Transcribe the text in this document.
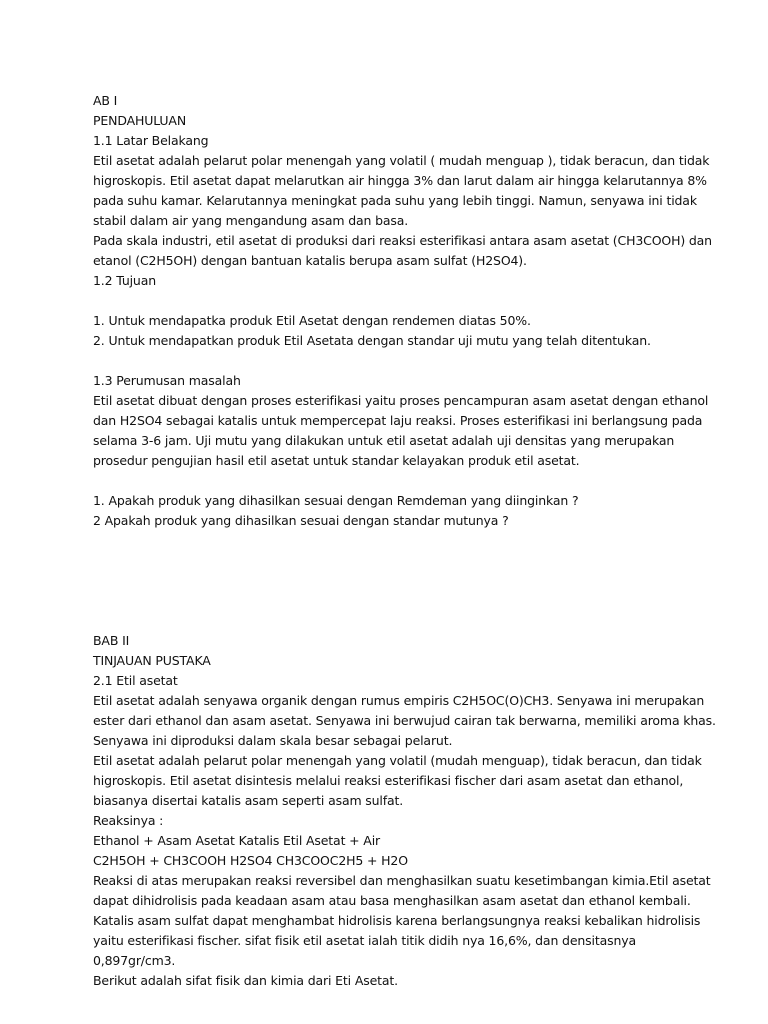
AB I
PENDAHULUAN
1.1 Latar Belakang
Etil asetat adalah pelarut polar menengah yang volatil ( mudah menguap ), tidak beracun, dan tidak
higroskopis. Etil asetat dapat melarutkan air hingga 3% dan larut dalam air hingga kelarutannya 8%
pada suhu kamar. Kelarutannya meningkat pada suhu yang lebih tinggi. Namun, senyawa ini tidak
stabil dalam air yang mengandung asam dan basa.
Pada skala industri, etil asetat di produksi dari reaksi esterifikasi antara asam asetat (CH3COOH) dan
etanol (C2H5OH) dengan bantuan katalis berupa asam sulfat (H2SO4).
1.2 Tujuan
1. Untuk mendapatka produk Etil Asetat dengan rendemen diatas 50%.
2. Untuk mendapatkan produk Etil Asetata dengan standar uji mutu yang telah ditentukan.
1.3 Perumusan masalah
Etil asetat dibuat dengan proses esterifikasi yaitu proses pencampuran asam asetat dengan ethanol
dan H2SO4 sebagai katalis untuk mempercepat laju reaksi. Proses esterifikasi ini berlangsung pada
selama 3-6 jam. Uji mutu yang dilakukan untuk etil asetat adalah uji densitas yang merupakan
prosedur pengujian hasil etil asetat untuk standar kelayakan produk etil asetat.
1. Apakah produk yang dihasilkan sesuai dengan Remdeman yang diinginkan ?
2 Apakah produk yang dihasilkan sesuai dengan standar mutunya ?
BAB II
TINJAUAN PUSTAKA
2.1 Etil asetat
Etil asetat adalah senyawa organik dengan rumus empiris C2H5OC(O)CH3. Senyawa ini merupakan
ester dari ethanol dan asam asetat. Senyawa ini berwujud cairan tak berwarna, memiliki aroma khas.
Senyawa ini diproduksi dalam skala besar sebagai pelarut.
Etil asetat adalah pelarut polar menengah yang volatil (mudah menguap), tidak beracun, dan tidak
higroskopis. Etil asetat disintesis melalui reaksi esterifikasi fischer dari asam asetat dan ethanol,
biasanya disertai katalis asam seperti asam sulfat.
Reaksinya :
Ethanol + Asam Asetat Katalis Etil Asetat + Air
C2H5OH + CH3COOH H2SO4 CH3COOC2H5 + H2O
Reaksi di atas merupakan reaksi reversibel dan menghasilkan suatu kesetimbangan kimia.Etil asetat
dapat dihidrolisis pada keadaan asam atau basa menghasilkan asam asetat dan ethanol kembali.
Katalis asam sulfat dapat menghambat hidrolisis karena berlangsungnya reaksi kebalikan hidrolisis
yaitu esterifikasi fischer. sifat fisik etil asetat ialah titik didih nya 16,6%, dan densitasnya
0,897gr/cm3.
Berikut adalah sifat fisik dan kimia dari Eti Asetat.
